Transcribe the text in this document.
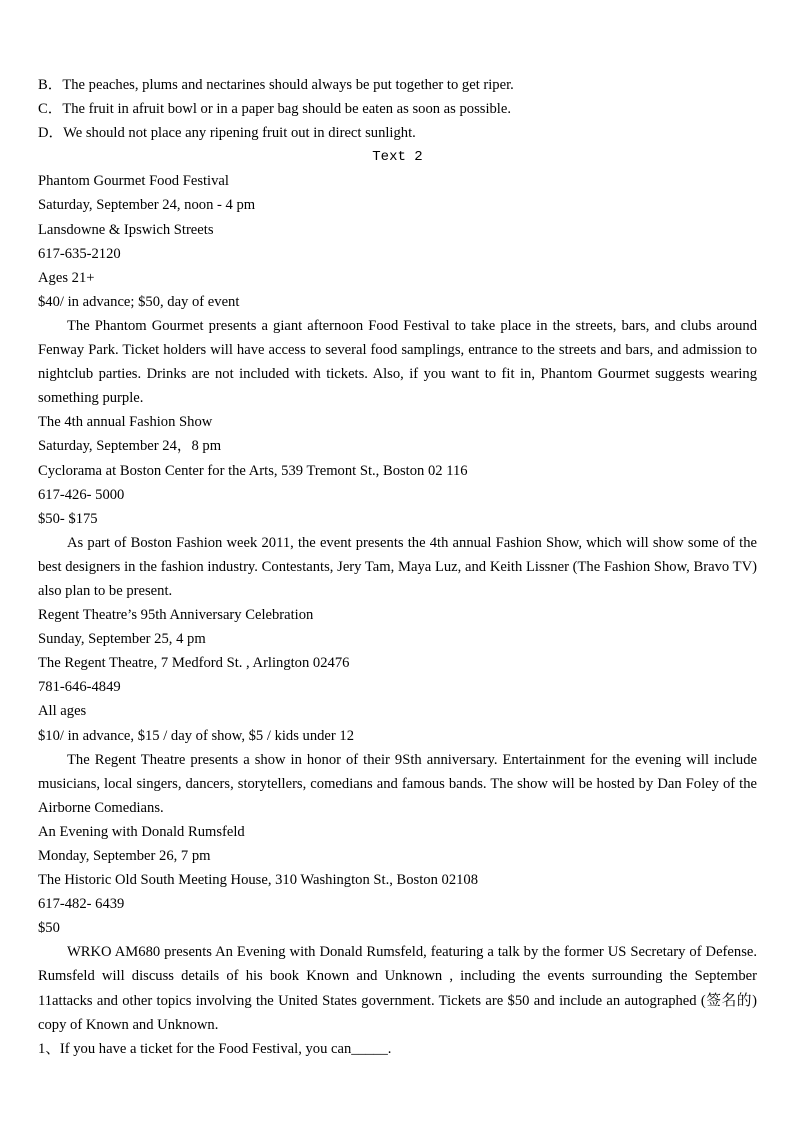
B．The peaches, plums and nectarines should always be put together to get riper.
C．The fruit in afruit bowl or in a paper bag should be eaten as soon as possible.
D．We should not place any ripening fruit out in direct sunlight.
Text 2
Phantom Gourmet Food Festival
Saturday, September 24, noon - 4 pm
Lansdowne & Ipswich Streets
617-635-2120
Ages 21+
$40/ in advance; $50, day of event
The Phantom Gourmet presents a giant afternoon Food Festival to take place in the streets, bars, and clubs around Fenway Park. Ticket holders will have access to several food samplings, entrance to the streets and bars, and admission to nightclub parties. Drinks are not included with tickets. Also, if you want to fit in, Phantom Gourmet suggests wearing something purple.
The 4th annual Fashion Show
Saturday, September 24，8 pm
Cyclorama at Boston Center for the Arts, 539 Tremont St., Boston 02 116
617-426- 5000
$50- $175
As part of Boston Fashion week 2011, the event presents the 4th annual Fashion Show, which will show some of the best designers in the fashion industry. Contestants, Jery Tam, Maya Luz, and Keith Lissner (The Fashion Show, Bravo TV) also plan to be present.
Regent Theatre’s 95th Anniversary Celebration
Sunday, September 25, 4 pm
The Regent Theatre, 7 Medford St. , Arlington 02476
781-646-4849
All ages
$10/ in advance, $15 / day of show, $5 / kids under 12
The Regent Theatre presents a show in honor of their 9Sth anniversary. Entertainment for the evening will include musicians, local singers, dancers, storytellers, comedians and famous bands. The show will be hosted by Dan Foley of the Airborne Comedians.
An Evening with Donald Rumsfeld
Monday, September 26, 7 pm
The Historic Old South Meeting House, 310 Washington St., Boston 02108
617-482- 6439
$50
WRKO AM680 presents An Evening with Donald Rumsfeld, featuring a talk by the former US Secretary of Defense. Rumsfeld will discuss details of his book Known and Unknown , including the events surrounding the September 11attacks and other topics involving the United States government. Tickets are $50 and include an autographed (签名的) copy of Known and Unknown.
1、If you have a ticket for the Food Festival, you can_____.
